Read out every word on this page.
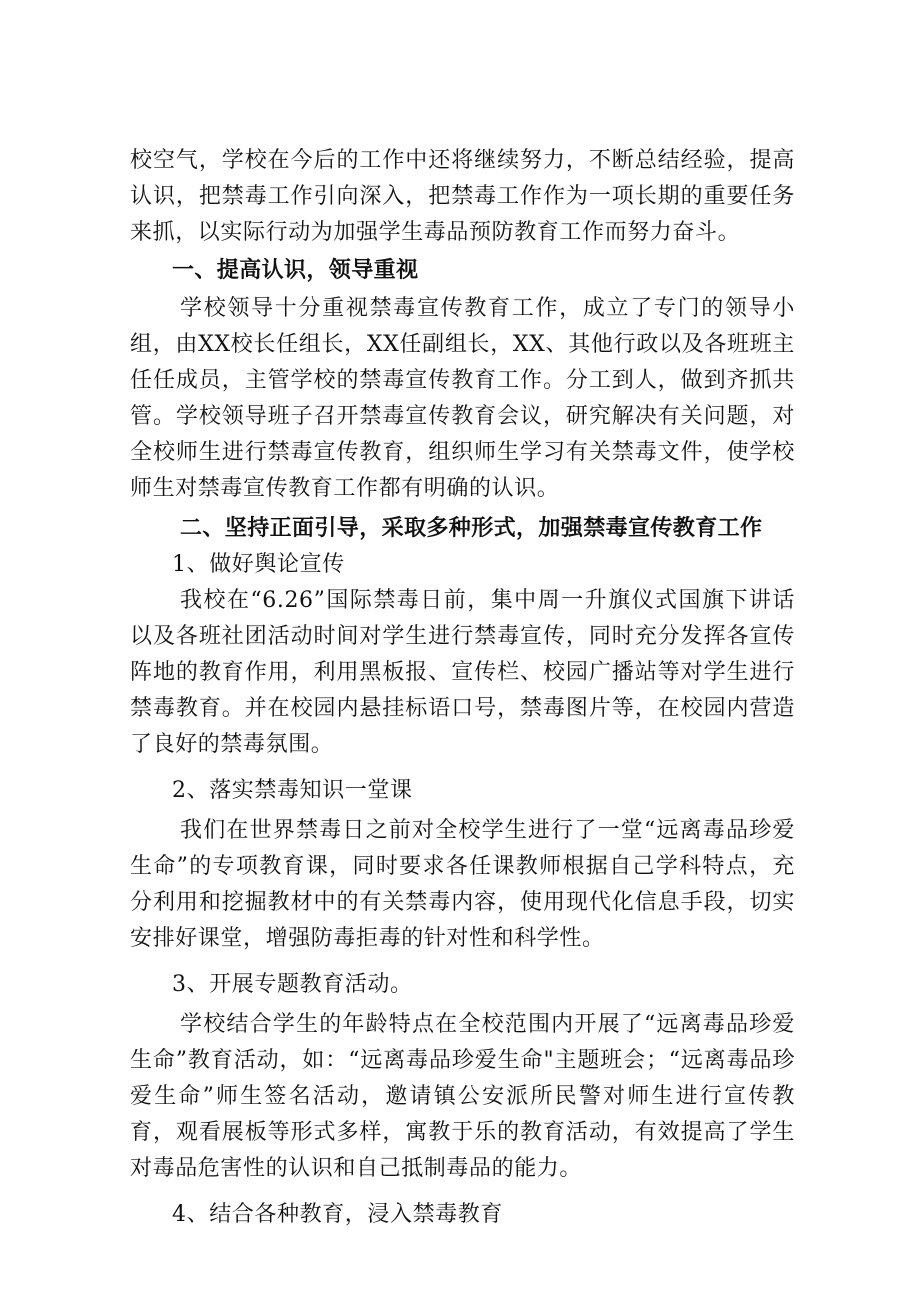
校空气，学校在今后的工作中还将继续努力，不断总结经验，提高认识，把禁毒工作引向深入，把禁毒工作作为一项长期的重要任务来抓，以实际行动为加强学生毒品预防教育工作而努力奋斗。

一、提高认识，领导重视

学校领导十分重视禁毒宣传教育工作，成立了专门的领导小组，由XX校长任组长，XX任副组长，XX、其他行政以及各班班主任任成员，主管学校的禁毒宣传教育工作。分工到人，做到齐抓共管。学校领导班子召开禁毒宣传教育会议，研究解决有关问题，对全校师生进行禁毒宣传教育，组织师生学习有关禁毒文件，使学校师生对禁毒宣传教育工作都有明确的认识。

二、坚持正面引导，采取多种形式，加强禁毒宣传教育工作

1、做好舆论宣传

我校在“6.26”国际禁毒日前，集中周一升旗仪式国旗下讲话以及各班社团活动时间对学生进行禁毒宣传，同时充分发挥各宣传阵地的教育作用，利用黑板报、宣传栏、校园广播站等对学生进行禁毒教育。并在校园内悬挂标语口号，禁毒图片等，在校园内营造了良好的禁毒氛围。

2、落实禁毒知识一堂课

我们在世界禁毒日之前对全校学生进行了一堂“远离毒品珍爱生命”的专项教育课，同时要求各任课教师根据自己学科特点，充分利用和挖掘教材中的有关禁毒内容，使用现代化信息手段，切实安排好课堂，增强防毒拒毒的针对性和科学性。

3、开展专题教育活动。

学校结合学生的年龄特点在全校范围内开展了“远离毒品珍爱生命”教育活动，如：“远离毒品珍爱生命"主题班会；“远离毒品珍爱生命”师生签名活动，邀请镇公安派所民警对师生进行宣传教育，观看展板等形式多样，寓教于乐的教育活动，有效提高了学生对毒品危害性的认识和自己抵制毒品的能力。

4、结合各种教育，浸入禁毒教育
